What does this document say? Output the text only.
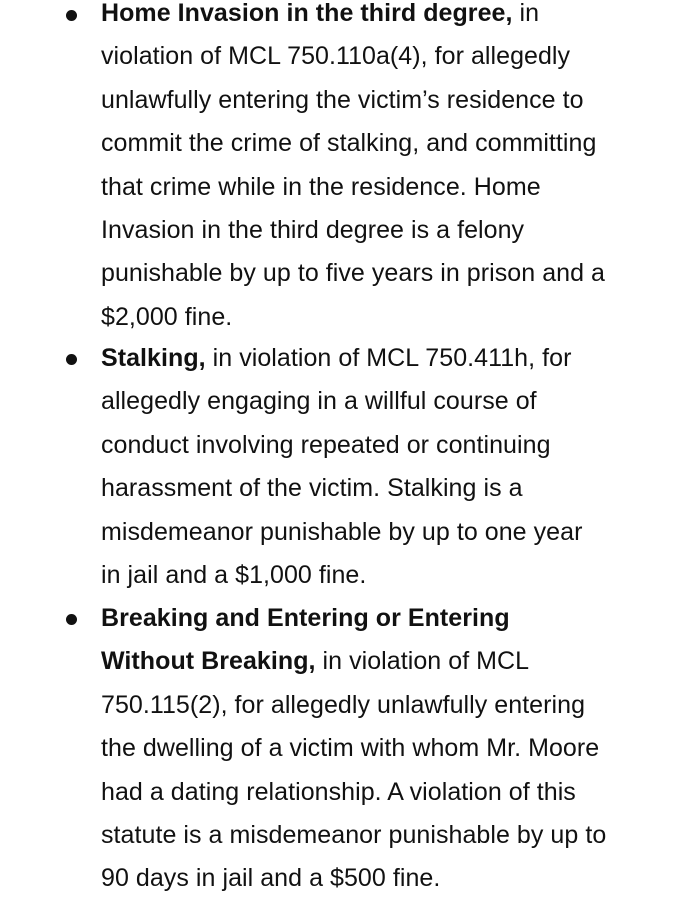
Home Invasion in the third degree, in
violation of MCL 750.110a(4), for allegedly
unlawfully entering the victim’s residence to
commit the crime of stalking, and committing
that crime while in the residence. Home
Invasion in the third degree is a felony
punishable by up to five years in prison and a
$2,000 fine.

Stalking, in violation of MCL 750.411h, for
allegedly engaging in a willful course of
conduct involving repeated or continuing
harassment of the victim. Stalking is a
misdemeanor punishable by up to one year
in jail and a $1,000 fine.

Breaking and Entering or Entering
Without Breaking, in violation of MCL
750.115(2), for allegedly unlawfully entering
the dwelling of a victim with whom Mr. Moore
had a dating relationship. A violation of this
statute is a misdemeanor punishable by up to
90 days in jail and a $500 fine.
